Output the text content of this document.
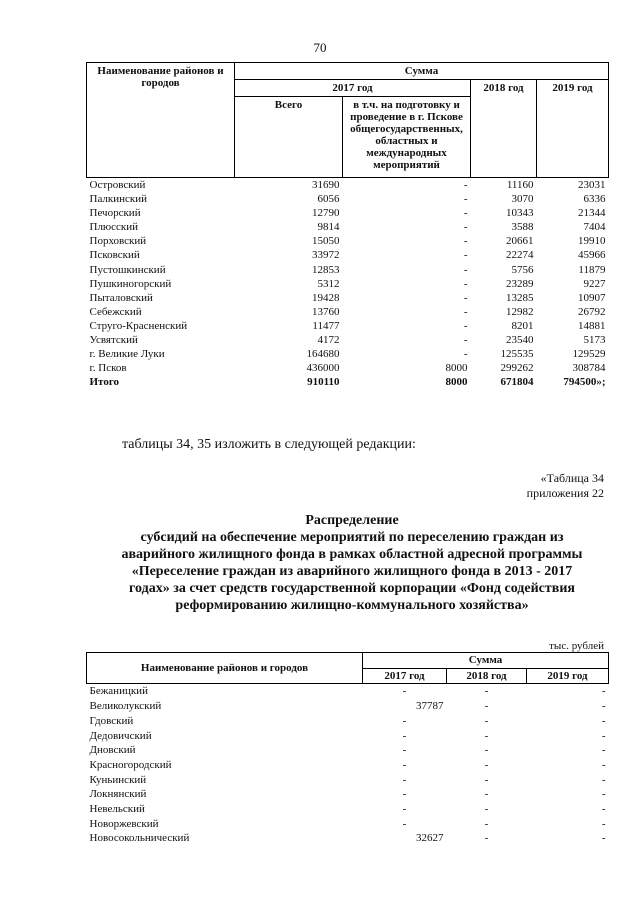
70
Наименование районов и городов	Сумма			
	2017 год		2018 год	2019 год
	Всего	в т.ч. на подготовку и проведение в г. Пскове общегосударственных, областных и международных мероприятий		
Островский	31690	-	11160	23031
Палкинский	6056	-	3070	6336
Печорский	12790	-	10343	21344
Плюсский	9814	-	3588	7404
Порховский	15050	-	20661	19910
Псковский	33972	-	22274	45966
Пустошкинский	12853	-	5756	11879
Пушкиногорский	5312	-	23289	9227
Пыталовский	19428	-	13285	10907
Себежский	13760	-	12982	26792
Струго-Красненский	11477	-	8201	14881
Усвятский	4172	-	23540	5173
г. Великие Луки	164680	-	125535	129529
г. Псков	436000	8000	299262	308784
Итого	910110	8000	671804	794500»;
таблицы 34, 35 изложить в следующей редакции:
«Таблица 34
приложения 22
Распределение
субсидий на обеспечение мероприятий по переселению граждан из
аварийного жилищного фонда в рамках областной адресной программы
«Переселение граждан из аварийного жилищного фонда в 2013 - 2017
годах» за счет средств государственной корпорации «Фонд содействия
реформированию жилищно-коммунального хозяйства»
тыс. рублей
Наименование районов и городов	Сумма		
	2017 год	2018 год	2019 год
Бежаницкий	-	-	-
Великолукский	37787	-	-
Гдовский	-	-	-
Дедовичский	-	-	-
Дновский	-	-	-
Красногородский	-	-	-
Куньинский	-	-	-
Локнянский	-	-	-
Невельский	-	-	-
Новоржевский	-	-	-
Новосокольнический	32627	-	-
